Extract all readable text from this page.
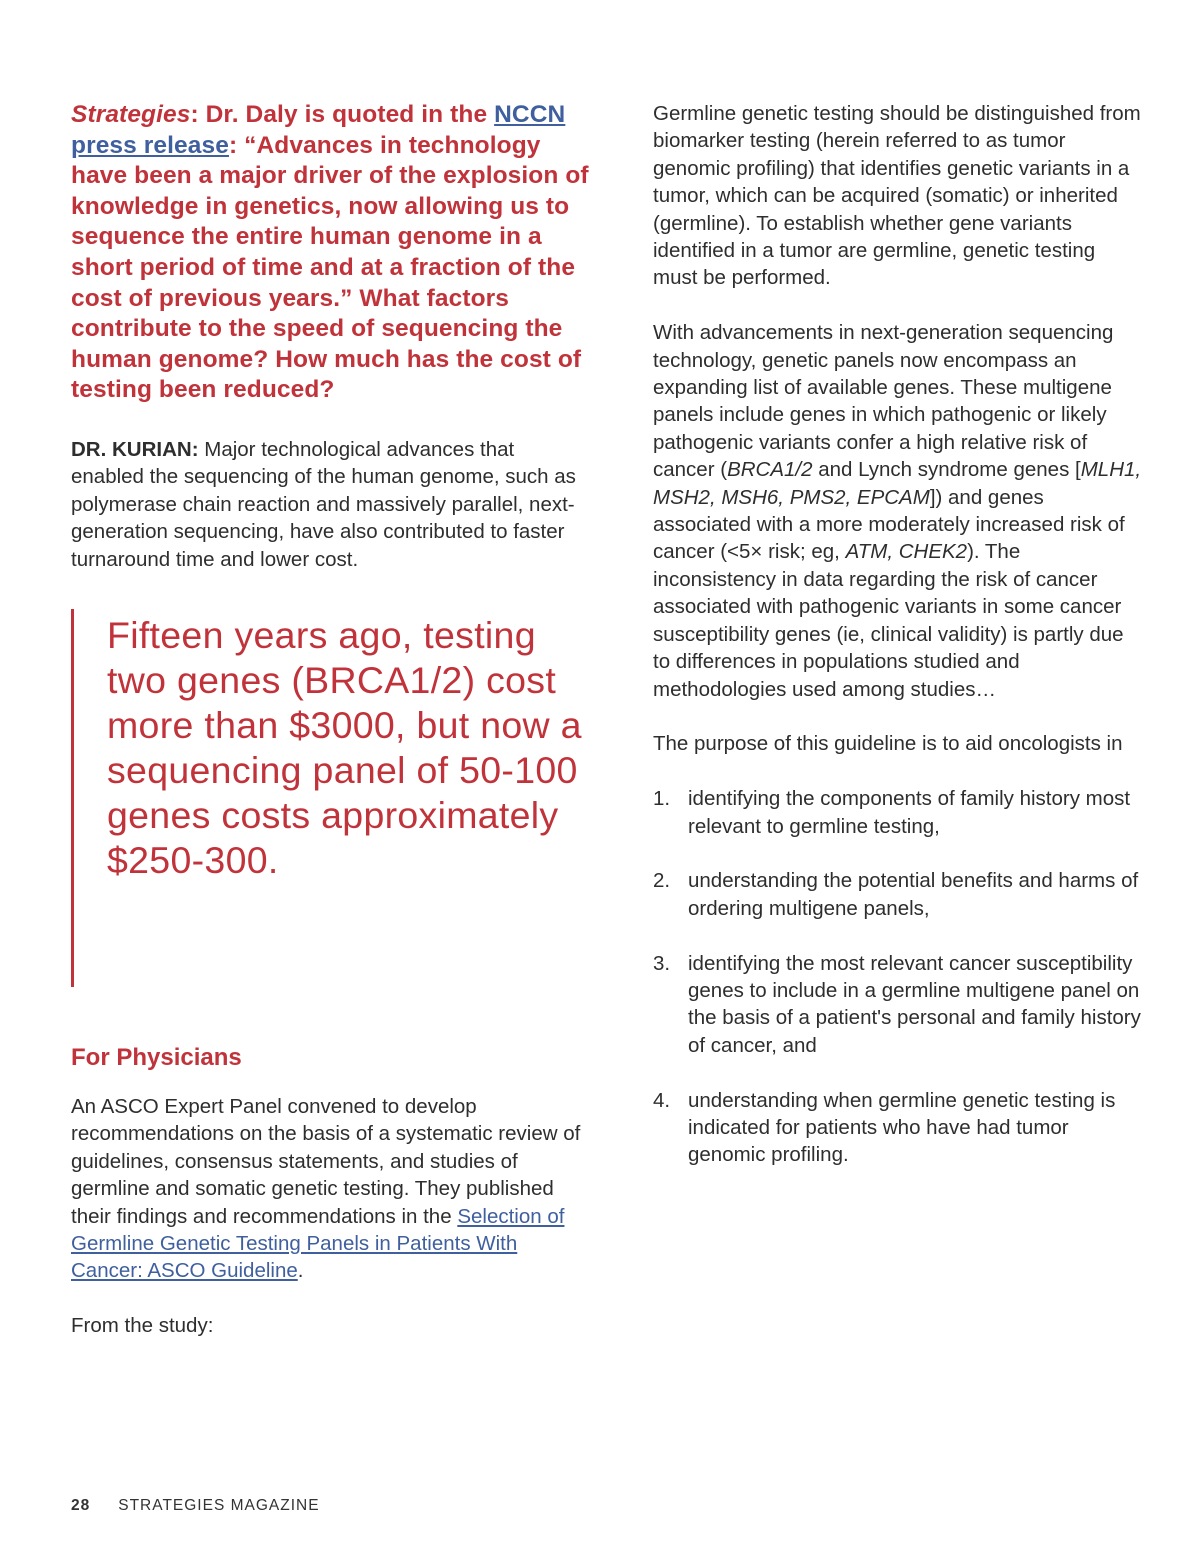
Strategies: Dr. Daly is quoted in the NCCN press release: “Advances in technology have been a major driver of the explosion of knowledge in genetics, now allowing us to sequence the entire human genome in a short period of time and at a fraction of the cost of previous years.” What factors contribute to the speed of sequencing the human genome? How much has the cost of testing been reduced?

DR. KURIAN: Major technological advances that enabled the sequencing of the human genome, such as polymerase chain reaction and massively parallel, next-generation sequencing, have also contributed to faster turnaround time and lower cost.

Fifteen years ago, testing two genes (BRCA1/2) cost more than $3000, but now a sequencing panel of 50-100 genes costs approximately $250-300.

For Physicians

An ASCO Expert Panel convened to develop recommendations on the basis of a systematic review of guidelines, consensus statements, and studies of germline and somatic genetic testing. They published their findings and recommendations in the Selection of Germline Genetic Testing Panels in Patients With Cancer: ASCO Guideline.

From the study:

Germline genetic testing should be distinguished from biomarker testing (herein referred to as tumor genomic profiling) that identifies genetic variants in a tumor, which can be acquired (somatic) or inherited (germline). To establish whether gene variants identified in a tumor are germline, genetic testing must be performed.

With advancements in next-generation sequencing technology, genetic panels now encompass an expanding list of available genes. These multigene panels include genes in which pathogenic or likely pathogenic variants confer a high relative risk of cancer (BRCA1/2 and Lynch syndrome genes [MLH1, MSH2, MSH6, PMS2, EPCAM]) and genes associated with a more moderately increased risk of cancer (<5× risk; eg, ATM, CHEK2). The inconsistency in data regarding the risk of cancer associated with pathogenic variants in some cancer susceptibility genes (ie, clinical validity) is partly due to differences in populations studied and methodologies used among studies…

The purpose of this guideline is to aid oncologists in

1. identifying the components of family history most relevant to germline testing,
2. understanding the potential benefits and harms of ordering multigene panels,
3. identifying the most relevant cancer susceptibility genes to include in a germline multigene panel on the basis of a patient's personal and family history of cancer, and
4. understanding when germline genetic testing is indicated for patients who have had tumor genomic profiling.
28 STRATEGIES MAGAZINE
